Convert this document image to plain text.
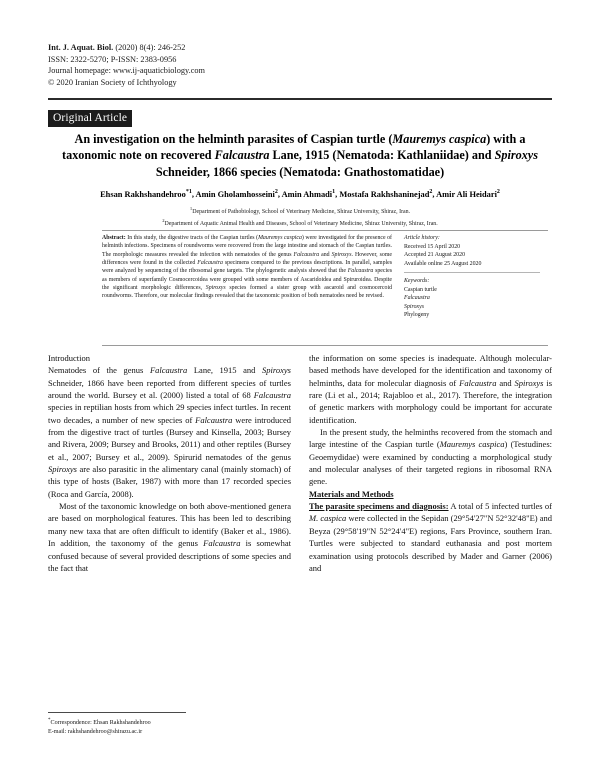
Int. J. Aquat. Biol. (2020) 8(4): 246-252
ISSN: 2322-5270; P-ISSN: 2383-0956
Journal homepage: www.ij-aquaticbiology.com
© 2020 Iranian Society of Ichthyology
Original Article
An investigation on the helminth parasites of Caspian turtle (Mauremys caspica) with a taxonomic note on recovered Falcaustra Lane, 1915 (Nematoda: Kathlaniidae) and Spiroxys Schneider, 1866 species (Nematoda: Gnathostomatidae)
Ehsan Rakhshandehroo$^{*1}$, Amin Gholamhosseini$^2$, Amin Ahmadi$^1$, Mostafa Rakhshaninejad$^2$, Amir Ali Heidari$^2$
$^1$Department of Pathobiology, School of Veterinary Medicine, Shiraz University, Shiraz, Iran.
$^2$Department of Aquatic Animal Health and Diseases, School of Veterinary Medicine, Shiraz University, Shiraz, Iran.
Abstract: In this study, the digestive tracts of the Caspian turtles (Mauremys caspica) were investigated for the presence of helminth infections. Specimens of roundworms were recovered from the large intestine and stomach of the Caspian turtles. The morphologic measures revealed the infection with nematodes of the genus Falcaustra and Spiroxys. However, some differences were found in the collected Falcaustra specimens compared to the previous descriptions. In parallel, samples were analyzed by sequencing of the ribosomal gene targets. The phylogenetic analysis showed that the Falcaustra species as members of superfamily Cosmocercoidea were grouped with some members of Ascaridoidea and Spiruroidea. Despite the significant morphologic differences, Spiroxys species formed a sister group with ascaroid and cosmocercoid roundworms. Therefore, our molecular findings revealed that the taxonomic position of both nematodes need be revised.
Article history:
Received 15 April 2020
Accepted 21 August 2020
Available online 25 August 2020
Keywords:
Caspian turtle
Falcaustra
Spiroxys
Phylogeny
Introduction

Nematodes of the genus Falcaustra Lane, 1915 and Spiroxys Schneider, 1866 have been reported from different species of turtles around the world. Bursey et al. (2000) listed a total of 68 Falcaustra species in reptilian hosts from which 29 species infect turtles. In recent two decades, a number of new species of Falcaustra were introduced from the digestive tract of turtles (Bursey and Kinsella, 2003; Bursey and Rivera, 2009; Bursey and Brooks, 2011) and other reptiles (Bursey et al., 2007; Bursey et al., 2009). Spirurid nematodes of the genus Spiroxys are also parasitic in the alimentary canal (mainly stomach) of this type of hosts (Baker, 1987) with more than 17 recorded species (Roca and García, 2008).

Most of the taxonomic knowledge on both above-mentioned genera are based on morphological features. This has been led to describing many new taxa that are often difficult to identify (Baker et al., 1986). In addition, the taxonomy of the genus Falcaustra is somewhat confused because of several provided descriptions of some species and the fact that

the information on some species is inadequate. Although molecular-based methods have developed for the identification and taxonomy of helminths, data for molecular diagnosis of Falcaustra and Spiroxys is rare (Li et al., 2014; Rajabloo et al., 2017). Therefore, the integration of genetic markers with morphology could be important for accurate identification.

In the present study, the helminths recovered from the stomach and large intestine of the Caspian turtle (Mauremys caspica) (Testudines: Geoemydidae) were examined by conducting a morphological study and molecular analyses of their targeted regions in ribosomal RNA gene.

Materials and Methods

The parasite specimens and diagnosis: A total of 5 infected turtles of M. caspica were collected in the Sepidan (29°54'27"N 52°32'48"E) and Beyza (29°58'19"N 52°24'4"E) regions, Fars Province, southern Iran. Turtles were subjected to standard euthanasia and post mortem examination using protocols described by Mader and Garner (2006) and

*Correspondence: Ehsan Rakhshandehroo
E-mail: rakhshandehroo@shirazu.ac.ir
